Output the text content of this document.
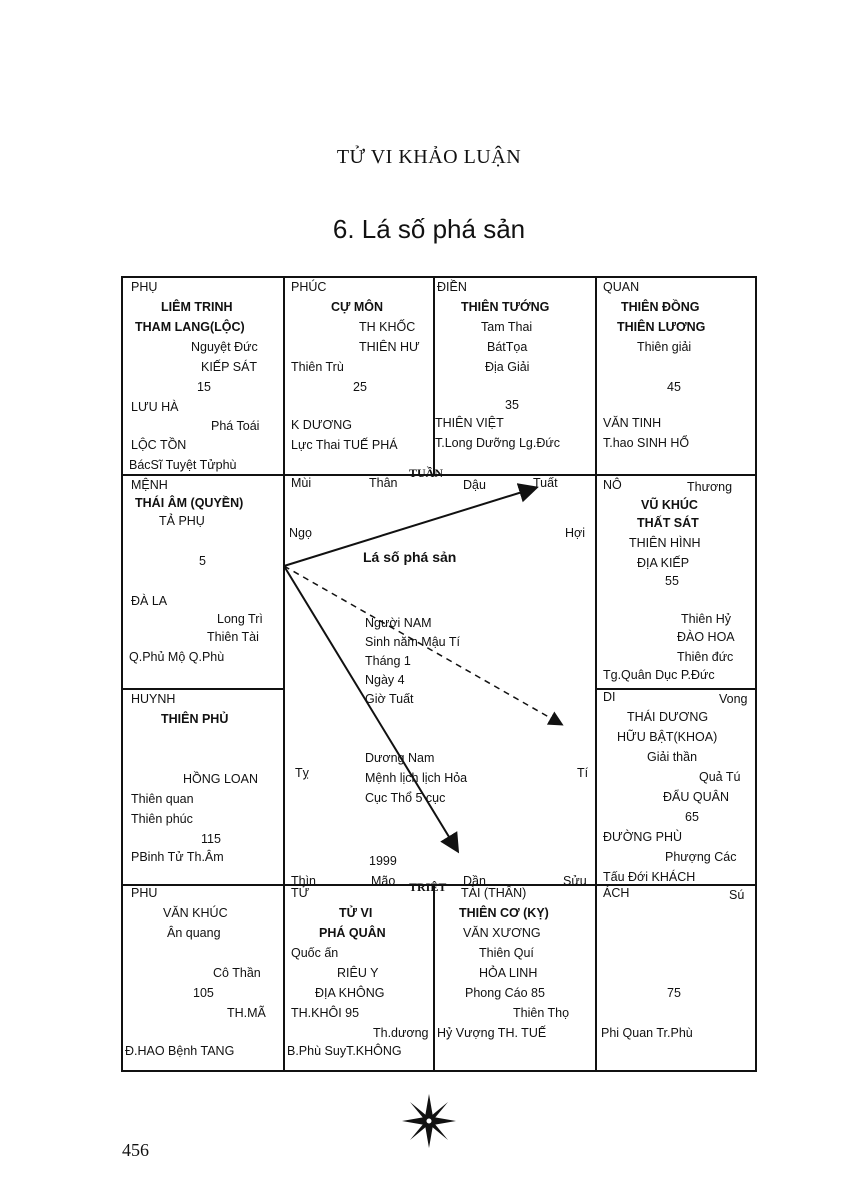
TỬ VI KHẢO LUẬN
6. Lá số phá sản
PHỤ
LIÊM TRINH
THAM LANG(LỘC)
Nguyệt Đức
KIẾP SÁT
15
LƯU HÀ
Phá Toái
LỘC TỒN
BácSĩ Tuyệt Tửphù
PHÚC
CỰ MÔN
TH KHỐC
THIÊN HƯ
Thiên Trù
25
K DƯƠNG
Lực Thai TUẾ PHÁ
ĐIỀN
THIÊN TƯỚNG
Tam Thai
BátTọa
Địa Giải
35
THIÊN VIỆT
T.Long Dưỡng Lg.Đức
QUAN
THIÊN ĐỒNG
THIÊN LƯƠNG
Thiên giải
45
VĂN TINH
T.hao SINH HỔ
MỆNH
THÁI ÂM (QUYỀN)
TẢ PHỤ
5
ĐÀ LA
Long Trì
Thiên Tài
Q.Phủ Mộ Q.Phù
NÔ	Thương
VŨ KHÚC
THẤT SÁT
THIÊN HÌNH
ĐỊA KIẾP
55
Thiên Hỷ
ĐÀO HOA
Thiên đức
Tg.Quân Dục P.Đức
HUYNH
THIÊN PHỦ
HỒNG LOAN
Thiên quan
Thiên phúc
115
PBinh Tử Th.Âm
DI	Vong
THÁI DƯƠNG
HỮU BẬT(KHOA)
Giải thần
Quả Tú
ĐẨU QUÂN
65
ĐƯỜNG PHÙ
Phượng Các
Tấu Đới KHÁCH
PHU
VĂN KHÚC
Ân quang
Cô Thần
105
TH.MÃ
Đ.HAO Bệnh TANG
TỬ
TỬ VI
PHÁ QUÂN
Quốc ấn
RIÊU Y
ĐỊA KHÔNG
TH.KHÔI 95
Th.dương
B.Phù SuyT.KHÔNG
TÀI (THÂN)
THIÊN CƠ (KỴ)
VĂN XƯƠNG
Thiên Quí
HỎA LINH
Phong Cáo 85
Thiên Thọ
Hỷ Vượng TH. TUẾ
ÁCH	Sú
75
Phi Quan Tr.Phù
Mùi	Thân	Dậu	Tuất
Ngọ	Hợi
Tỵ	Tí
Thìn	Mão	Dần	Sửu
Lá số phá sản
Người NAM
Sinh năm Mậu Tí
Tháng 1
Ngày 4
Giờ Tuất
Dương Nam
Mệnh lịch lịch Hỏa
Cục Thổ 5 cục
1999
TUẦN
TRIỆT
456
